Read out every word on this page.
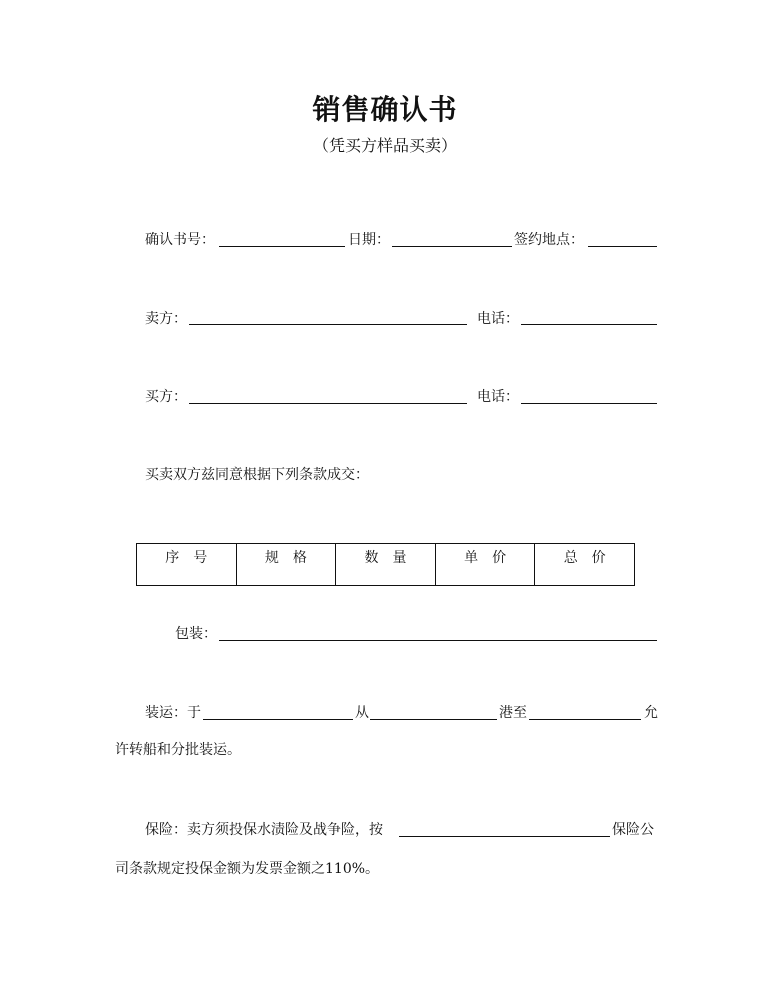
销售确认书
（凭买方样品买卖）
确认书号：	日期：	签约地点：
卖方：	电话：
买方：	电话：
买卖双方兹同意根据下列条款成交：
序　号	规　格	数　量	单　价	总　价
包装：
装运：于	从	港至	允
许转船和分批装运。
保险：卖方须投保水渍险及战争险，按	保险公
司条款规定投保金额为发票金额之110%。
